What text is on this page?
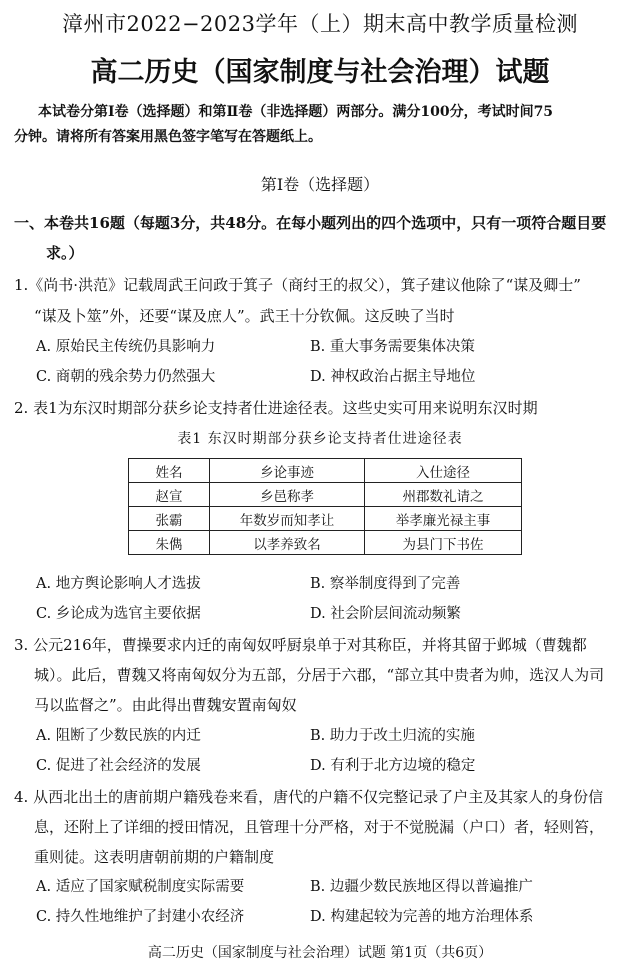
漳州市2022−2023学年（上）期末高中教学质量检测
高二历史（国家制度与社会治理）试题
本试卷分第Ⅰ卷（选择题）和第Ⅱ卷（非选择题）两部分。满分100分，考试时间75
分钟。请将所有答案用黑色签字笔写在答题纸上。
第Ⅰ卷（选择题）
一、本卷共16题（每题3分，共48分。在每小题列出的四个选项中，只有一项符合题目要
求。）
1.《尚书·洪范》记载周武王问政于箕子（商纣王的叔父），箕子建议他除了“谋及卿士”
“谋及卜筮”外，还要“谋及庶人”。武王十分钦佩。这反映了当时
A. 原始民主传统仍具影响力	B. 重大事务需要集体决策
C. 商朝的残余势力仍然强大	D. 神权政治占据主导地位
2. 表1为东汉时期部分获乡论支持者仕进途径表。这些史实可用来说明东汉时期
表1 东汉时期部分获乡论支持者仕进途径表
姓名	乡论事迹	入仕途径
赵宣	乡邑称孝	州郡数礼请之
张霸	年数岁而知孝让	举孝廉光禄主事
朱儁	以孝养致名	为县门下书佐
A. 地方舆论影响人才选拔	B. 察举制度得到了完善
C. 乡论成为选官主要依据	D. 社会阶层间流动频繁
3. 公元216年，曹操要求内迁的南匈奴呼厨泉单于对其称臣，并将其留于邺城（曹魏都
城）。此后，曹魏又将南匈奴分为五部，分居于六郡，“部立其中贵者为帅，选汉人为司
马以监督之”。由此得出曹魏安置南匈奴
A. 阻断了少数民族的内迁	B. 助力于改土归流的实施
C. 促进了社会经济的发展	D. 有利于北方边境的稳定
4. 从西北出土的唐前期户籍残卷来看，唐代的户籍不仅完整记录了户主及其家人的身份信
息，还附上了详细的授田情况，且管理十分严格，对于不觉脱漏（户口）者，轻则笞，
重则徒。这表明唐朝前期的户籍制度
A. 适应了国家赋税制度实际需要	B. 边疆少数民族地区得以普遍推广
C. 持久性地维护了封建小农经济	D. 构建起较为完善的地方治理体系
高二历史（国家制度与社会治理）试题 第1页（共6页）
